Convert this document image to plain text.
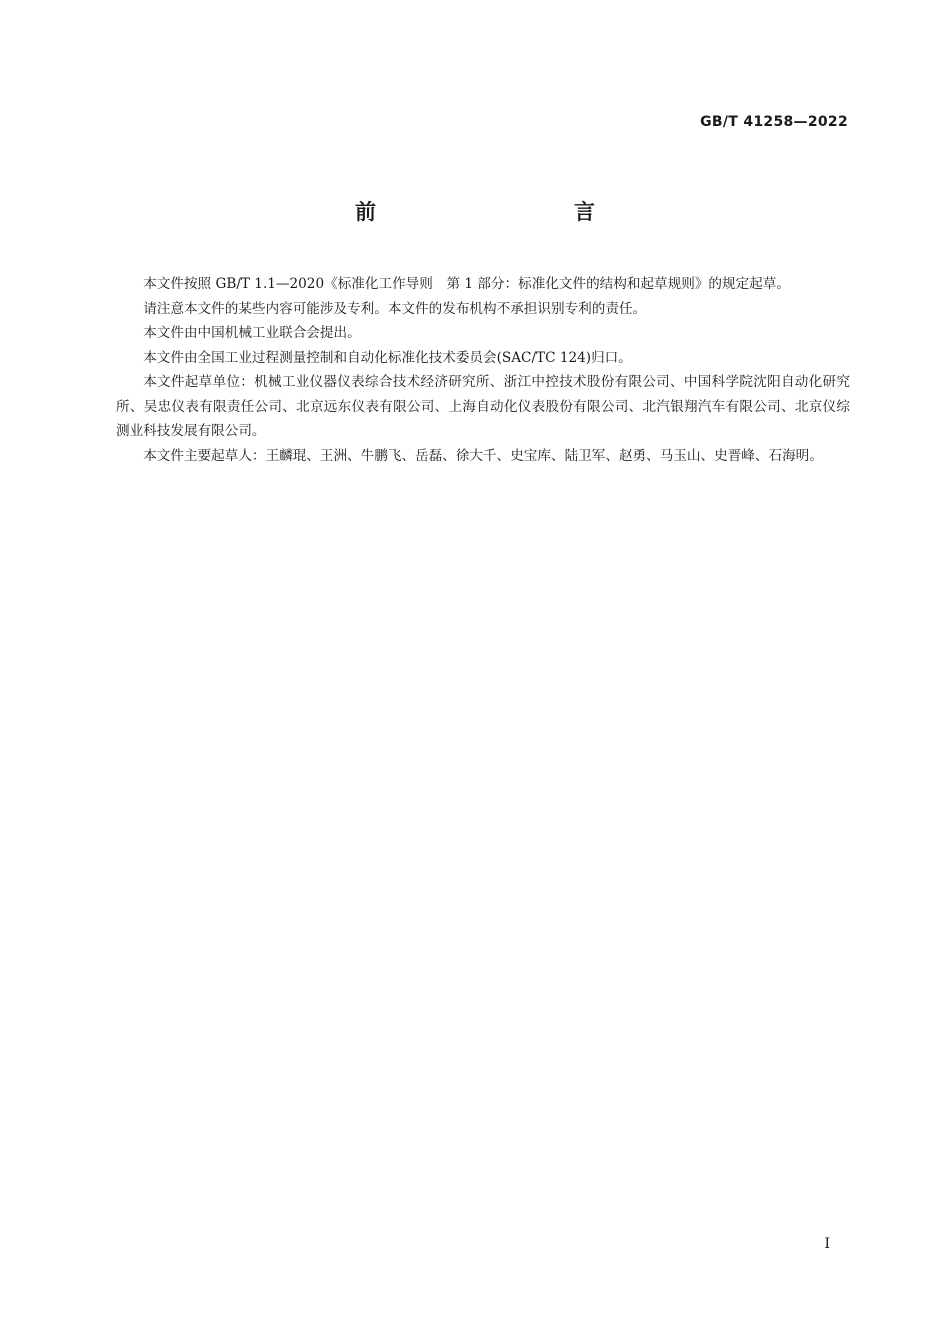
GB/T 41258—2022
前　　言

本文件按照 GB/T 1.1—2020《标准化工作导则　第 1 部分：标准化文件的结构和起草规则》的规定起草。

请注意本文件的某些内容可能涉及专利。本文件的发布机构不承担识别专利的责任。

本文件由中国机械工业联合会提出。

本文件由全国工业过程测量控制和自动化标准化技术委员会(SAC/TC 124)归口。

本文件起草单位：机械工业仪器仪表综合技术经济研究所、浙江中控技术股份有限公司、中国科学院沈阳自动化研究所、吴忠仪表有限责任公司、北京远东仪表有限公司、上海自动化仪表股份有限公司、北汽银翔汽车有限公司、北京仪综测业科技发展有限公司。

本文件主要起草人：王麟琨、王洲、牛鹏飞、岳磊、徐大千、史宝库、陆卫军、赵勇、马玉山、史晋峰、石海明。

I
